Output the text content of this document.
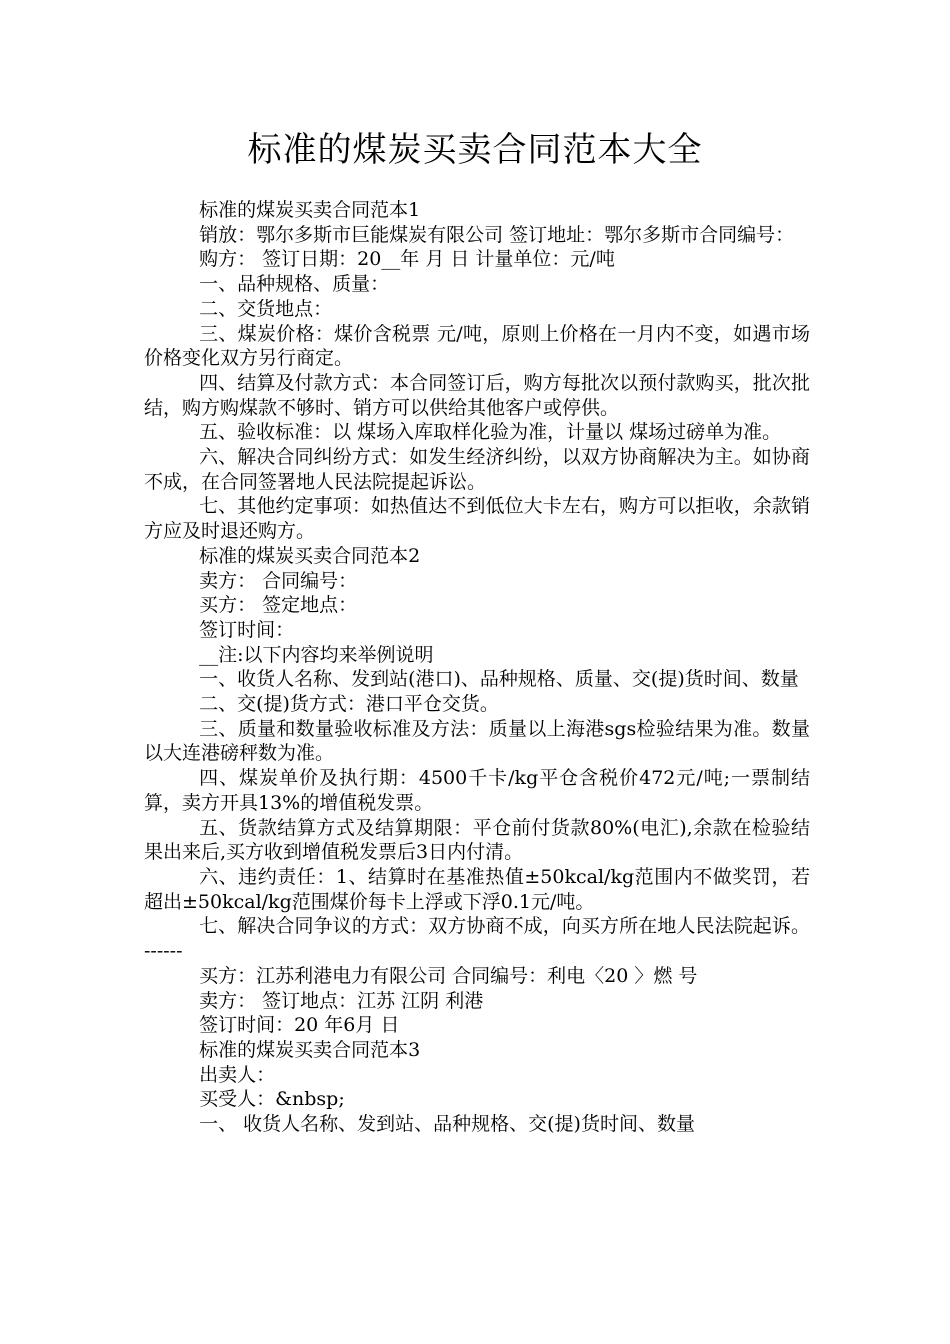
标准的煤炭买卖合同范本大全

标准的煤炭买卖合同范本1

销放：鄂尔多斯市巨能煤炭有限公司 签订地址：鄂尔多斯市合同编号：

购方： 签订日期：20__年 月 日 计量单位：元/吨

一、品种规格、质量：

二、交货地点：

三、煤炭价格：煤价含税票 元/吨，原则上价格在一月内不变，如遇市场价格变化双方另行商定。

四、结算及付款方式：本合同签订后，购方每批次以预付款购买，批次批结，购方购煤款不够时、销方可以供给其他客户或停供。

五、验收标准：以 煤场入库取样化验为准，计量以 煤场过磅单为准。

六、解决合同纠纷方式：如发生经济纠纷，以双方协商解决为主。如协商不成，在合同签署地人民法院提起诉讼。

七、其他约定事项：如热值达不到低位大卡左右，购方可以拒收，余款销方应及时退还购方。

标准的煤炭买卖合同范本2

卖方： 合同编号：

买方： 签定地点：

签订时间：

__注:以下内容均来举例说明

一、收货人名称、发到站(港口)、品种规格、质量、交(提)货时间、数量

二、交(提)货方式：港口平仓交货。

三、质量和数量验收标准及方法：质量以上海港sgs检验结果为准。数量以大连港磅秤数为准。

四、煤炭单价及执行期：4500千卡/kg平仓含税价472元/吨;一票制结算，卖方开具13%的增值税发票。

五、货款结算方式及结算期限：平仓前付货款80%(电汇),余款在检验结果出来后,买方收到增值税发票后3日内付清。

六、违约责任：1、结算时在基准热值±50kcal/kg范围内不做奖罚，若超出±50kcal/kg范围煤价每卡上浮或下浮0.1元/吨。

七、解决合同争议的方式：双方协商不成，向买方所在地人民法院起诉。 ------

买方：江苏利港电力有限公司 合同编号：利电〈20 〉燃 号

卖方： 签订地点：江苏 江阴 利港

签订时间：20 年6月 日

标准的煤炭买卖合同范本3

出卖人：

买受人：&nbsp;

一、 收货人名称、发到站、品种规格、交(提)货时间、数量
